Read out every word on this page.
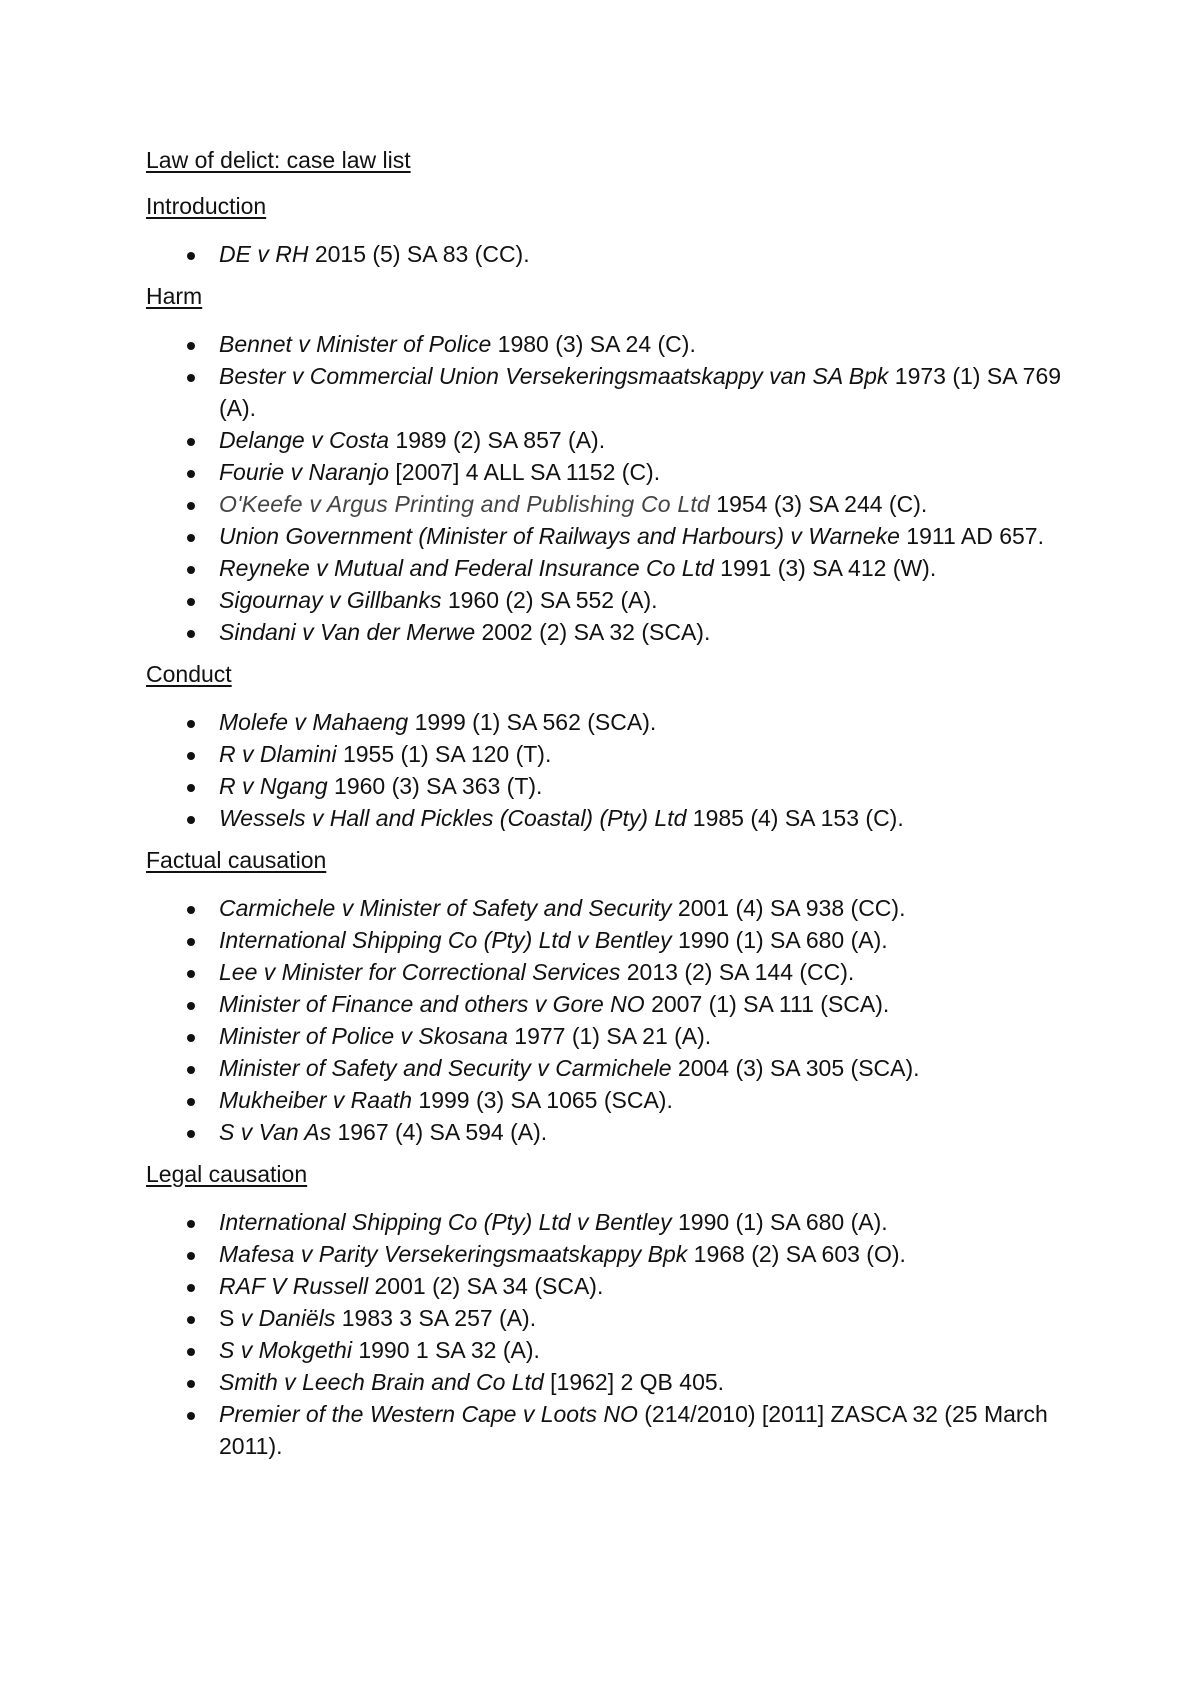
Law of delict: case law list
Introduction
DE v RH 2015 (5) SA 83 (CC).
Harm
Bennet v Minister of Police 1980 (3) SA 24 (C).
Bester v Commercial Union Versekeringsmaatskappy van SA Bpk 1973 (1) SA 769 (A).
Delange v Costa 1989 (2) SA 857 (A).
Fourie v Naranjo [2007] 4 ALL SA 1152 (C).
O'Keefe v Argus Printing and Publishing Co Ltd 1954 (3) SA 244 (C).
Union Government (Minister of Railways and Harbours) v Warneke 1911 AD 657.
Reyneke v Mutual and Federal Insurance Co Ltd 1991 (3) SA 412 (W).
Sigournay v Gillbanks 1960 (2) SA 552 (A).
Sindani v Van der Merwe 2002 (2) SA 32 (SCA).
Conduct
Molefe v Mahaeng 1999 (1) SA 562 (SCA).
R v Dlamini 1955 (1) SA 120 (T).
R v Ngang 1960 (3) SA 363 (T).
Wessels v Hall and Pickles (Coastal) (Pty) Ltd 1985 (4) SA 153 (C).
Factual causation
Carmichele v Minister of Safety and Security 2001 (4) SA 938 (CC).
International Shipping Co (Pty) Ltd v Bentley 1990 (1) SA 680 (A).
Lee v Minister for Correctional Services 2013 (2) SA 144 (CC).
Minister of Finance and others v Gore NO 2007 (1) SA 111 (SCA).
Minister of Police v Skosana 1977 (1) SA 21 (A).
Minister of Safety and Security v Carmichele 2004 (3) SA 305 (SCA).
Mukheiber v Raath 1999 (3) SA 1065 (SCA).
S v Van As 1967 (4) SA 594 (A).
Legal causation
International Shipping Co (Pty) Ltd v Bentley 1990 (1) SA 680 (A).
Mafesa v Parity Versekeringsmaatskappy Bpk 1968 (2) SA 603 (O).
RAF V Russell 2001 (2) SA 34 (SCA).
S v Daniëls 1983 3 SA 257 (A).
S v Mokgethi 1990 1 SA 32 (A).
Smith v Leech Brain and Co Ltd [1962] 2 QB 405.
Premier of the Western Cape v Loots NO (214/2010) [2011] ZASCA 32 (25 March 2011).
